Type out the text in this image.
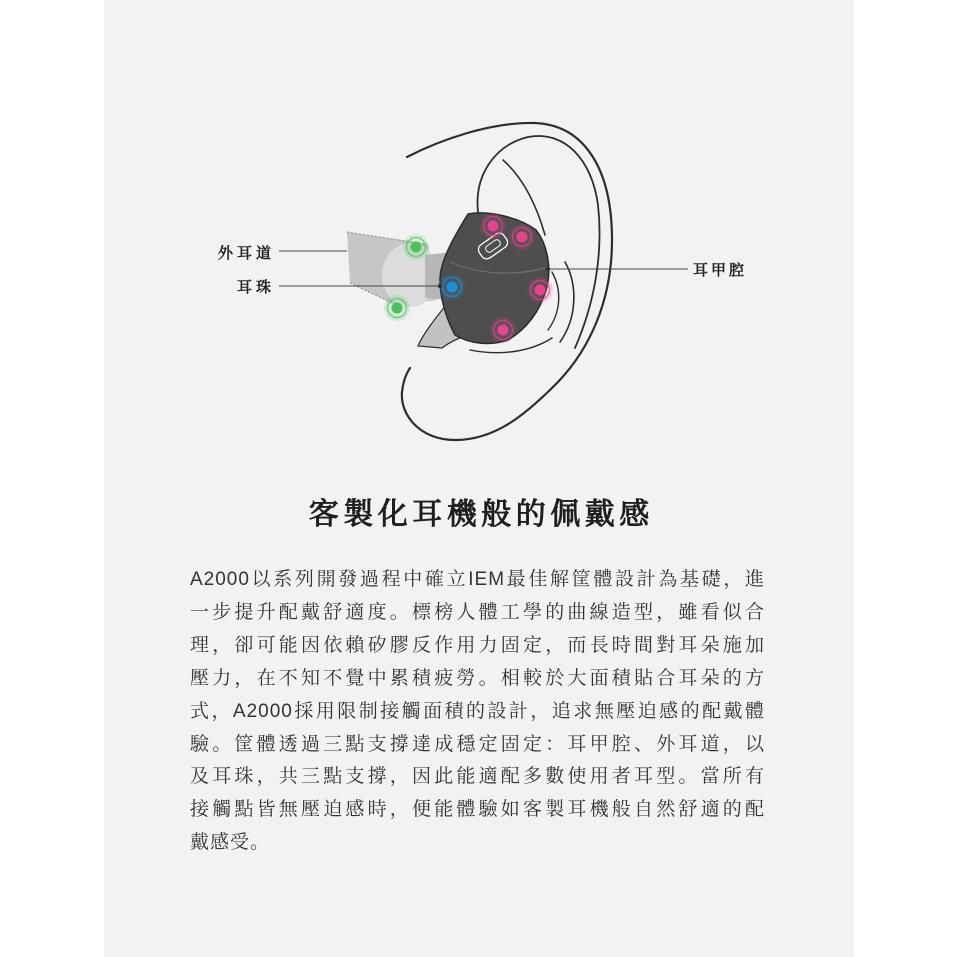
外耳道
耳珠
耳甲腔
客製化耳機般的佩戴感
A2000以系列開發過程中確立IEM最佳解筐體設計為基礎，進
一步提升配戴舒適度。標榜人體工學的曲線造型，雖看似合
理，卻可能因依賴矽膠反作用力固定，而長時間對耳朵施加
壓力，在不知不覺中累積疲勞。相較於大面積貼合耳朵的方
式，A2000採用限制接觸面積的設計，追求無壓迫感的配戴體
驗。筐體透過三點支撐達成穩定固定：耳甲腔、外耳道，以
及耳珠，共三點支撐，因此能適配多數使用者耳型。當所有
接觸點皆無壓迫感時，便能體驗如客製耳機般自然舒適的配
戴感受。
